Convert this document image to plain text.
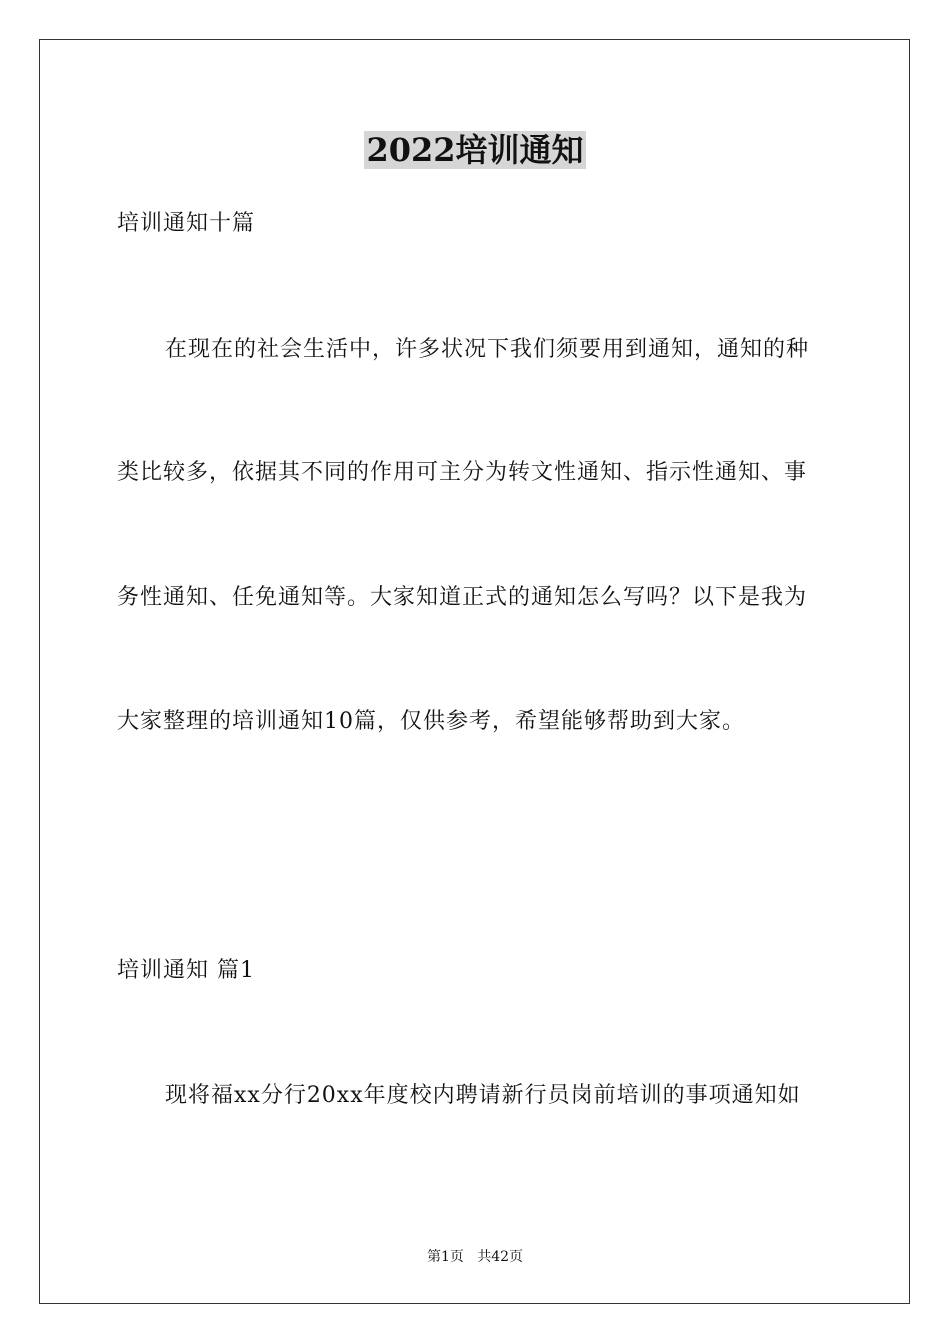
2022培训通知
培训通知十篇
在现在的社会生活中，许多状况下我们须要用到通知，通知的种
类比较多，依据其不同的作用可主分为转文性通知、指示性通知、事
务性通知、任免通知等。大家知道正式的通知怎么写吗？以下是我为
大家整理的培训通知10篇，仅供参考，希望能够帮助到大家。
培训通知 篇1
现将福xx分行20xx年度校内聘请新行员岗前培训的事项通知如
第1页   共42页
